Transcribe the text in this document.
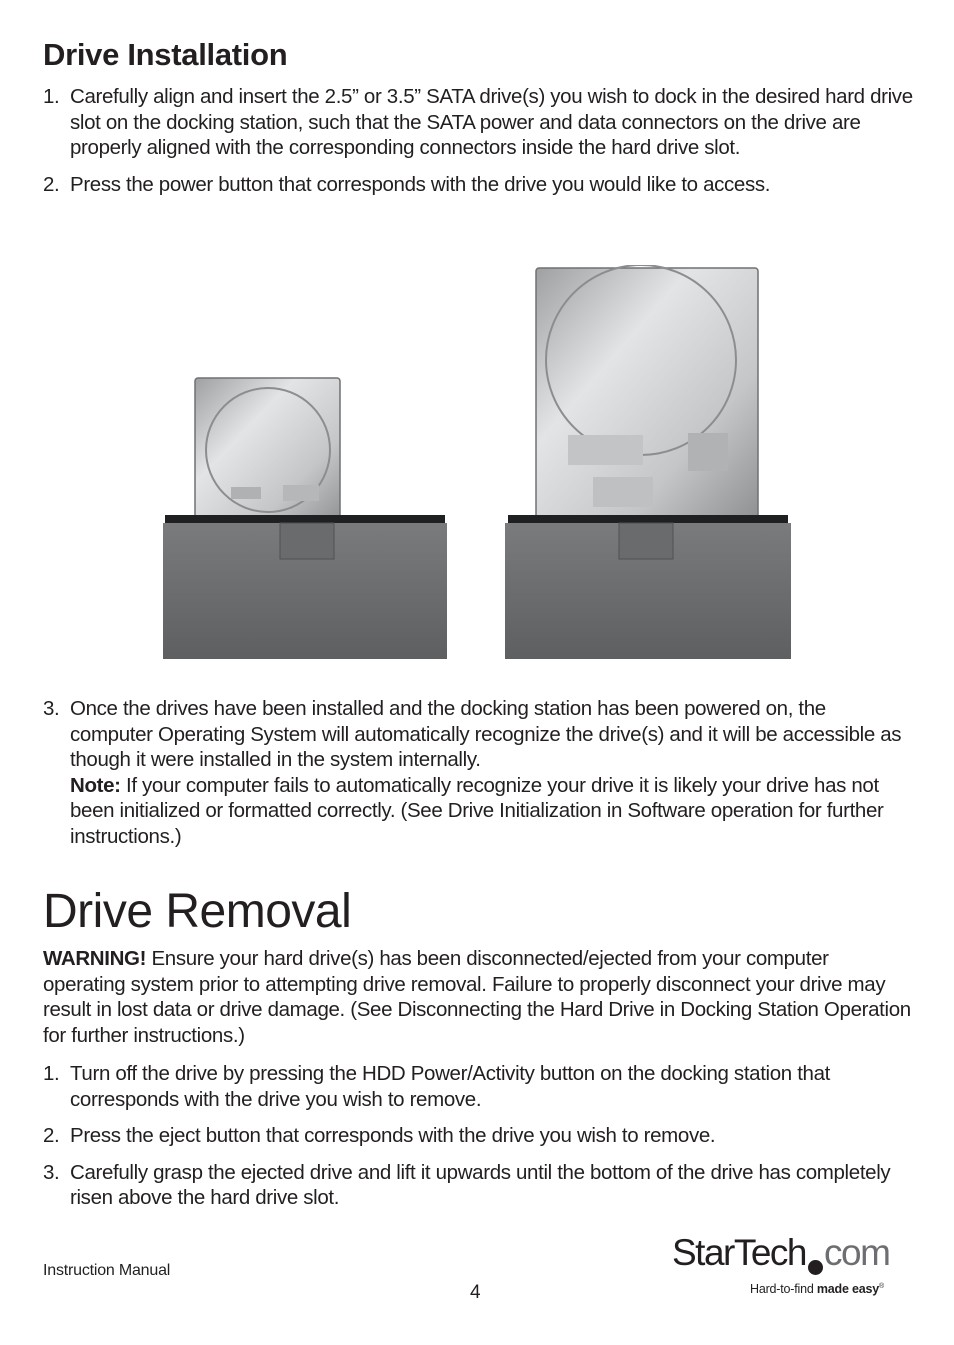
Drive Installation
1. Carefully align and insert the 2.5” or 3.5” SATA drive(s) you wish to dock in the desired hard drive slot on the docking station, such that the SATA power and data connectors on the drive are properly aligned with the corresponding connectors inside the hard drive slot.
2. Press the power button that corresponds with the drive you would like to access.
3. Once the drives have been installed and the docking station has been powered on, the computer Operating System will automatically recognize the drive(s) and it will be accessible as though it were installed in the system internally.
Note: If your computer fails to automatically recognize your drive it is likely your drive has not been initialized or formatted correctly. (See Drive Initialization in Software operation for further instructions.)
Drive Removal

WARNING! Ensure your hard drive(s) has been disconnected/ejected from your computer operating system prior to attempting drive removal. Failure to properly disconnect your drive may result in lost data or drive damage. (See Disconnecting the Hard Drive in Docking Station Operation for further instructions.)

1. Turn off the drive by pressing the HDD Power/Activity button on the docking station that corresponds with the drive you wish to remove.
2. Press the eject button that corresponds with the drive you wish to remove.
3. Carefully grasp the ejected drive and lift it upwards until the bottom of the drive has completely risen above the hard drive slot.
Instruction Manual
4
StarTech com
Hard-to-find made easy®
